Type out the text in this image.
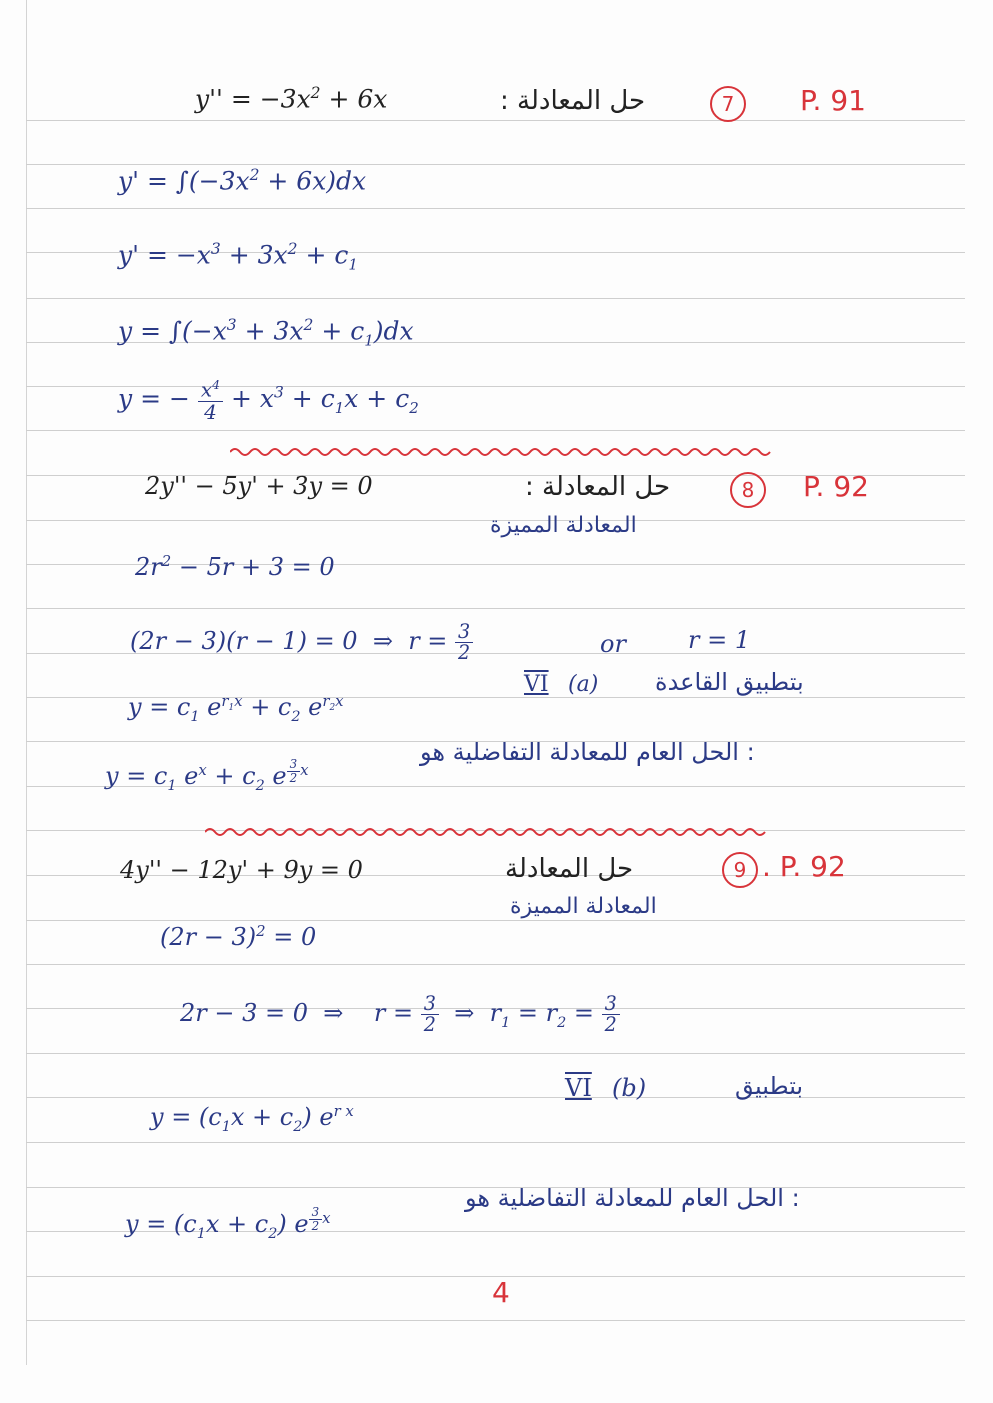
$y'' = -3x^2 + 6x$	حل المعادلة :	7	P. 91
$y' = \int(-3x^2 + 6x)dx$
$y' = -x^3 + 3x^2 + c_1$
$y = \int(-x^3 + 3x^2 + c_1)dx$
y = − $\frac{x^4}{4} + x^3 + c_1x + c_2$
2y'' − 5y' + 3y = 0	حل المعادلة :	8	P. 92
المعادلة المميزة
$2r^2 - 5r + 3 = 0$
(2r − 3)(r − 1) = 0  ⇒  $r = \frac{3}{2}$	or	r = 1
$y = c_1$ $e^{r_1x} + c_2$ $e^{r_2x}$
VI (a) بتطبيق القاعدة
: الحل العام للمعادلة التفاضلية هو
$y = c_1$ $e^x + c_2$ e $^{\frac{3}{2} x}$
4y'' − 12y' + 9y = 0	حل المعادلة	9 . P. 92
المعادلة المميزة
$(2r - 3)^2 = 0$
2r − 3 = 0  ⇒    $r = \frac{3}{2}$ ⇒  $r_1 = r_2 = \frac{3}{2}$
VI (b)	بتطبيق
$y = (c_1x + c_2)$ $e^{r x}$
: الحل العام للمعادلة التفاضلية هو
$y = (c_1x + c_2)$ e $^{\frac{3}{2} x}$
4
